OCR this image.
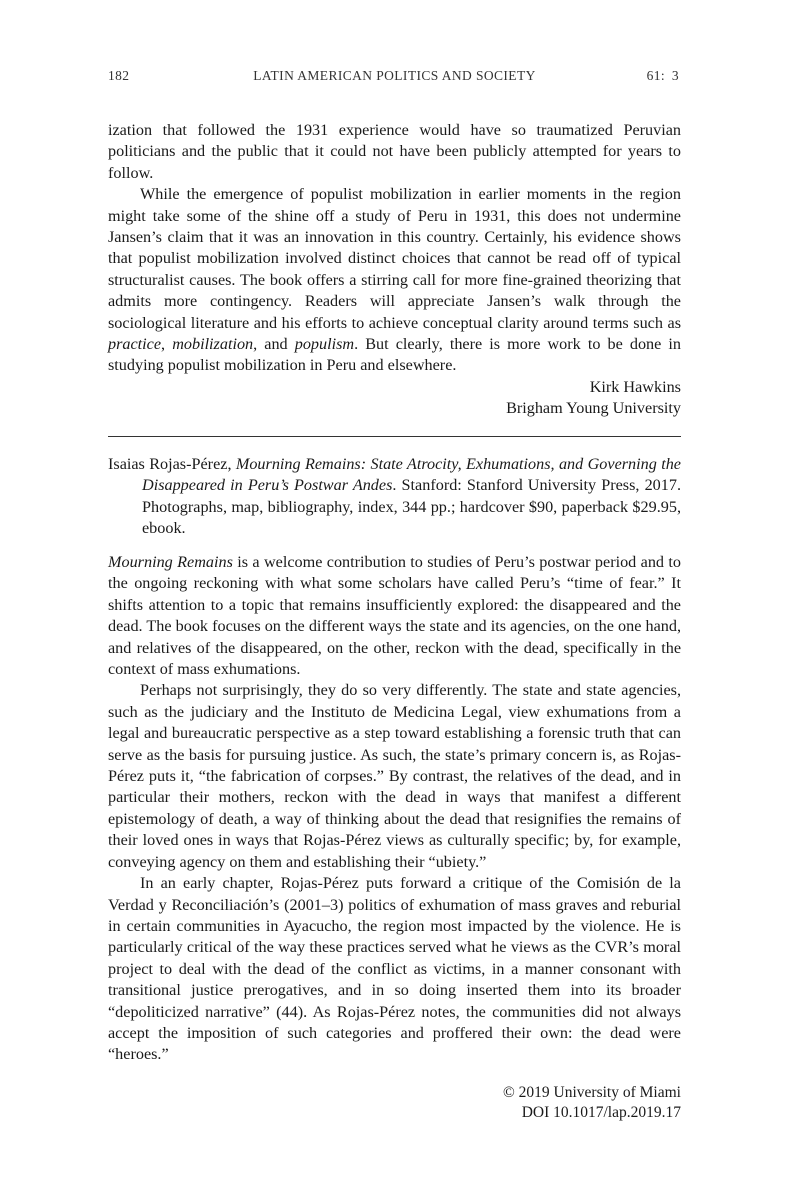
182	LATIN AMERICAN POLITICS AND SOCIETY	61: 3

ization that followed the 1931 experience would have so traumatized Peruvian politicians and the public that it could not have been publicly attempted for years to follow.

While the emergence of populist mobilization in earlier moments in the region might take some of the shine off a study of Peru in 1931, this does not undermine Jansen’s claim that it was an innovation in this country. Certainly, his evidence shows that populist mobilization involved distinct choices that cannot be read off of typical structuralist causes. The book offers a stirring call for more fine-grained theorizing that admits more contingency. Readers will appreciate Jansen’s walk through the sociological literature and his efforts to achieve conceptual clarity around terms such as practice, mobilization, and populism. But clearly, there is more work to be done in studying populist mobilization in Peru and elsewhere.

Kirk Hawkins

Brigham Young University

Isaias Rojas-Pérez, Mourning Remains: State Atrocity, Exhumations, and Governing the Disappeared in Peru’s Postwar Andes. Stanford: Stanford University Press, 2017. Photographs, map, bibliography, index, 344 pp.; hardcover $90, paperback $29.95, ebook.

Mourning Remains is a welcome contribution to studies of Peru’s postwar period and to the ongoing reckoning with what some scholars have called Peru’s “time of fear.” It shifts attention to a topic that remains insufficiently explored: the disappeared and the dead. The book focuses on the different ways the state and its agencies, on the one hand, and relatives of the disappeared, on the other, reckon with the dead, specifically in the context of mass exhumations.

Perhaps not surprisingly, they do so very differently. The state and state agencies, such as the judiciary and the Instituto de Medicina Legal, view exhumations from a legal and bureaucratic perspective as a step toward establishing a forensic truth that can serve as the basis for pursuing justice. As such, the state’s primary concern is, as Rojas-Pérez puts it, “the fabrication of corpses.” By contrast, the relatives of the dead, and in particular their mothers, reckon with the dead in ways that manifest a different epistemology of death, a way of thinking about the dead that resignifies the remains of their loved ones in ways that Rojas-Pérez views as culturally specific; by, for example, conveying agency on them and establishing their “ubiety.”

In an early chapter, Rojas-Pérez puts forward a critique of the Comisión de la Verdad y Reconciliación’s (2001–3) politics of exhumation of mass graves and reburial in certain communities in Ayacucho, the region most impacted by the violence. He is particularly critical of the way these practices served what he views as the CVR’s moral project to deal with the dead of the conflict as victims, in a manner consonant with transitional justice prerogatives, and in so doing inserted them into its broader “depoliticized narrative” (44). As Rojas-Pérez notes, the communities did not always accept the imposition of such categories and proffered their own: the dead were “heroes.”

© 2019 University of Miami
DOI 10.1017/lap.2019.17
